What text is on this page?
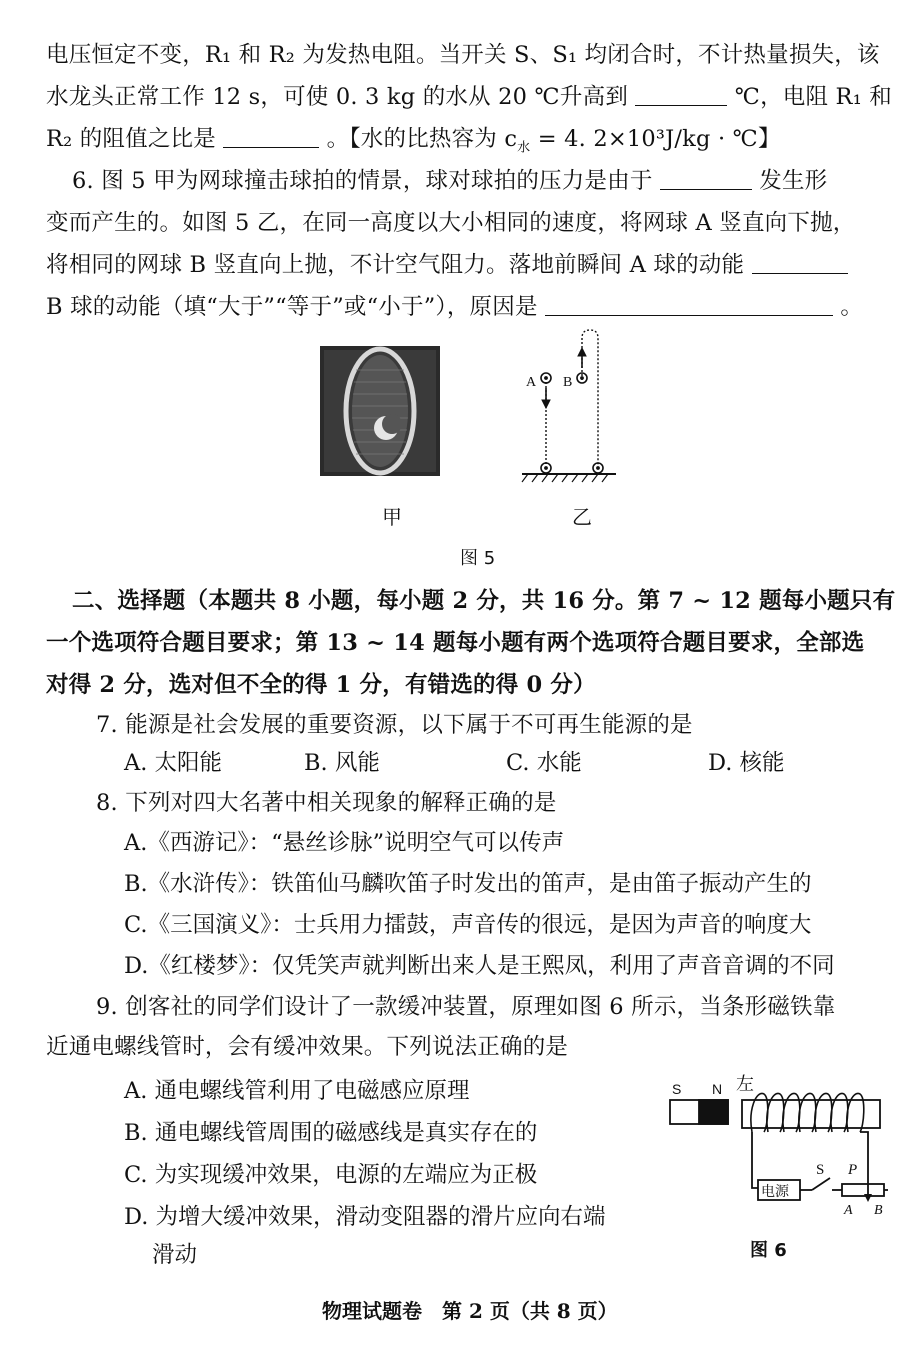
电压恒定不变，R₁ 和 R₂ 为发热电阻。当开关 S、S₁ 均闭合时，不计热量损失，该
水龙头正常工作 12 s，可使 0. 3 kg 的水从 20 ℃升高到	℃，电阻 R₁ 和
R₂ 的阻值之比是	。【水的比热容为 $c_水 = 4$. 2×10³J/kg · ℃】
6. 图 5 甲为网球撞击球拍的情景，球对球拍的压力是由于	发生形
变而产生的。如图 5 乙，在同一高度以大小相同的速度，将网球 A 竖直向下抛，
将相同的网球 B 竖直向上抛，不计空气阻力。落地前瞬间 A 球的动能
B 球的动能（填“大于”“等于”或“小于”），原因是	。
A B
甲	乙
图 5
二、选择题（本题共 8 小题，每小题 2 分，共 16 分。第 7 ~ 12 题每小题只有
一个选项符合题目要求；第 13 ~ 14 题每小题有两个选项符合题目要求，全部选
对得 2 分，选对但不全的得 1 分，有错选的得 0 分）
7. 能源是社会发展的重要资源，以下属于不可再生能源的是
A. 太阳能	B. 风能	C. 水能	D. 核能
8. 下列对四大名著中相关现象的解释正确的是
A.《西游记》：“悬丝诊脉”说明空气可以传声
B.《水浒传》：铁笛仙马麟吹笛子时发出的笛声，是由笛子振动产生的
C.《三国演义》：士兵用力擂鼓，声音传的很远，是因为声音的响度大
D.《红楼梦》：仅凭笑声就判断出来人是王熙凤，利用了声音音调的不同
9. 创客社的同学们设计了一款缓冲装置，原理如图 6 所示，当条形磁铁靠
近通电螺线管时，会有缓冲效果。下列说法正确的是
A. 通电螺线管利用了电磁感应原理
B. 通电螺线管周围的磁感线是真实存在的
C. 为实现缓冲效果，电源的左端应为正极
D. 为增大缓冲效果，滑动变阻器的滑片应向右端
滑动
S N 左
电源
S P
A B
图 6
物理试题卷　第 2 页（共 8 页）
